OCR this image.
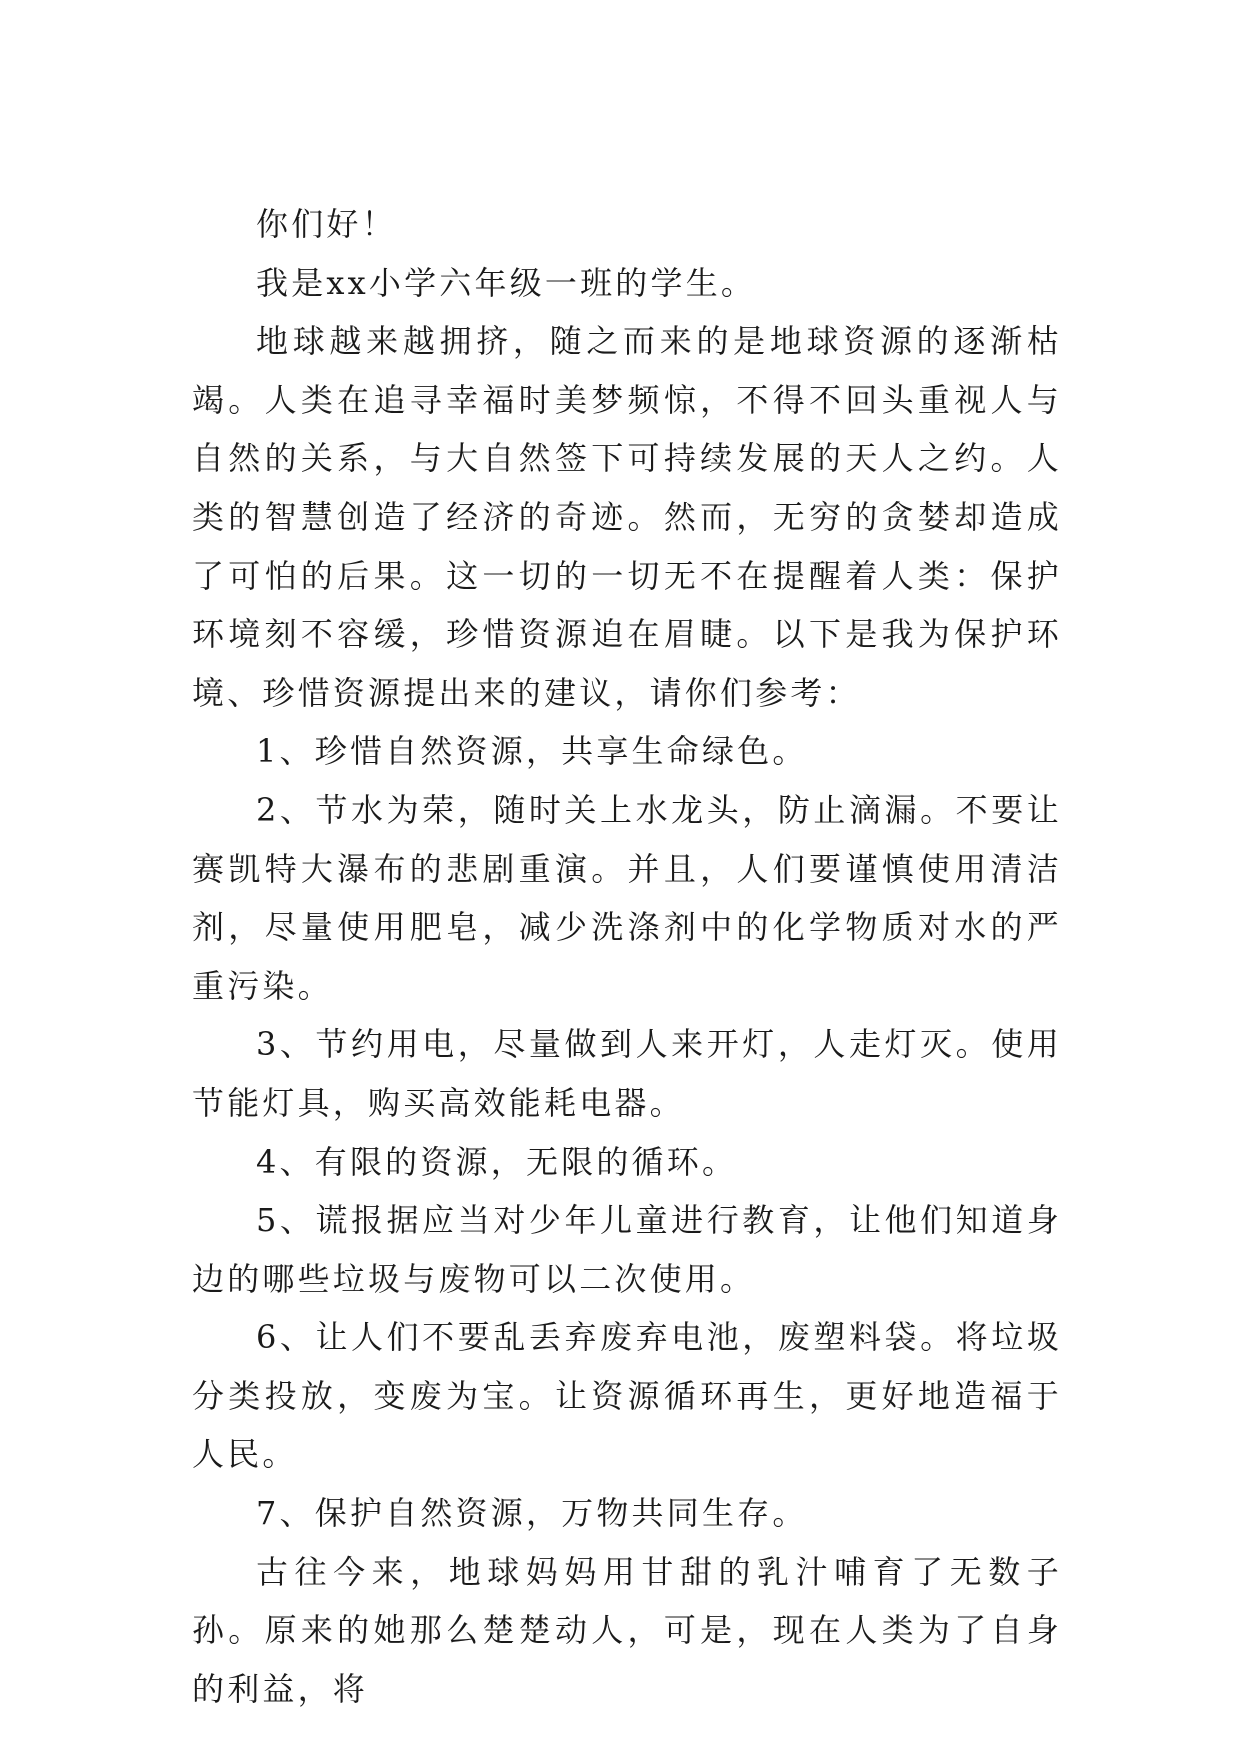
你们好！

我是xx小学六年级一班的学生。

地球越来越拥挤，随之而来的是地球资源的逐渐枯竭。人类在追寻幸福时美梦频惊，不得不回头重视人与自然的关系，与大自然签下可持续发展的天人之约。人类的智慧创造了经济的奇迹。然而，无穷的贪婪却造成了可怕的后果。这一切的一切无不在提醒着人类：保护环境刻不容缓，珍惜资源迫在眉睫。以下是我为保护环境、珍惜资源提出来的建议，请你们参考：

1、珍惜自然资源，共享生命绿色。

2、节水为荣，随时关上水龙头，防止滴漏。不要让赛凯特大瀑布的悲剧重演。并且，人们要谨慎使用清洁剂，尽量使用肥皂，减少洗涤剂中的化学物质对水的严重污染。

3、节约用电，尽量做到人来开灯，人走灯灭。使用节能灯具，购买高效能耗电器。

4、有限的资源，无限的循环。

5、谎报据应当对少年儿童进行教育，让他们知道身边的哪些垃圾与废物可以二次使用。

6、让人们不要乱丢弃废弃电池，废塑料袋。将垃圾分类投放，变废为宝。让资源循环再生，更好地造福于人民。

7、保护自然资源，万物共同生存。

古往今来，地球妈妈用甘甜的乳汁哺育了无数子孙。原来的她那么楚楚动人，可是，现在人类为了自身的利益，将
